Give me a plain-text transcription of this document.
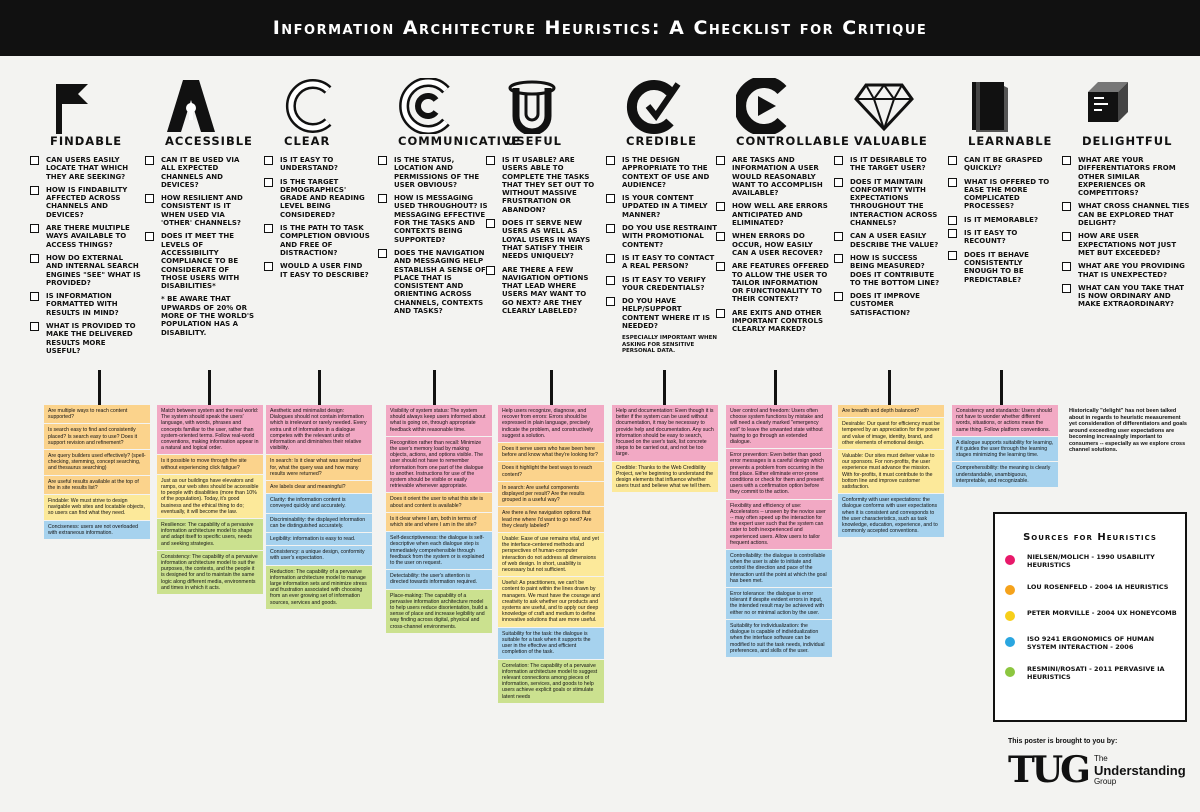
Information Architecture Heuristics: A Checklist for Critique
FINDABLE
CAN USERS EASILY LOCATE THAT WHICH THEY ARE SEEKING?
HOW IS FINDABILITY AFFECTED ACROSS CHANNELS AND DEVICES?
ARE THERE MULTIPLE WAYS AVAILABLE TO ACCESS THINGS?
HOW DO EXTERNAL AND INTERNAL SEARCH ENGINES "SEE" WHAT IS PROVIDED?
IS INFORMATION FORMATTED WITH RESULTS IN MIND?
WHAT IS PROVIDED TO MAKE THE DELIVERED RESULTS MORE USEFUL?
Are multiple ways to reach content supported?
Is search easy to find and consistently placed? Is search easy to use? Does it support revision and refinement?
Are query builders used effectively? (spell-checking, stemming, concept searching, and thesaurus searching)
Are useful results available at the top of the in site results list?
Findable: We must strive to design navigable web sites and locatable objects, so users can find what they need.
Conciseness: users are not overloaded with extraneous information.
ACCESSIBLE
CAN IT BE USED VIA ALL EXPECTED CHANNELS AND DEVICES?
HOW RESILIENT AND CONSISTENT IS IT WHEN USED VIA 'OTHER' CHANNELS?
DOES IT MEET THE LEVELS OF ACCESSIBILITY COMPLIANCE TO BE CONSIDERATE OF THOSE USERS WITH DISABILITIES*
* BE AWARE THAT UPWARDS OF 20% OR MORE OF THE WORLD'S POPULATION HAS A DISABILITY.
Match between system and the real world: The system should speak the users' language, with words, phrases and concepts familiar to the user, rather than system-oriented terms. Follow real-world conventions, making information appear in a natural and logical order.
Is it possible to move through the site without experiencing click fatigue?
Just as our buildings have elevators and ramps, our web sites should be accessible to people with disabilities (more than 10% of the population). Today, it's good business and the ethical thing to do; eventually, it will become the law.
Resilience: The capability of a pervasive information architecture model to shape and adapt itself to specific users, needs and seeking strategies.
Consistency: The capability of a pervasive information architecture model to suit the purposes, the contexts, and the people it is designed for and to maintain the same logic along different media, environments and times in which it acts.
CLEAR
IS IT EASY TO UNDERSTAND?
IS THE TARGET DEMOGRAPHICS' GRADE AND READING LEVEL BEING CONSIDERED?
IS THE PATH TO TASK COMPLETION OBVIOUS AND FREE OF DISTRACTION?
WOULD A USER FIND IT EASY TO DESCRIBE?
Aesthetic and minimalist design: Dialogues should not contain information which is irrelevant or rarely needed. Every extra unit of information in a dialogue competes with the relevant units of information and diminishes their relative visibility.
In search: Is it clear what was searched for, what the query was and how many results were returned?
Are labels clear and meaningful?
Clarity: the information content is conveyed quickly and accurately.
Discriminability: the displayed information can be distinguished accurately.
Legibility: information is easy to read.
Consistency: a unique design, conformity with user's expectation.
Reduction: The capability of a pervasive information architecture model to manage large information sets and minimize stress and frustration associated with choosing from an ever growing set of information sources, services and goods.
COMMUNICATIVE
IS THE STATUS, LOCATION AND PERMISSIONS OF THE USER OBVIOUS?
HOW IS MESSAGING USED THROUGHOUT? IS MESSAGING EFFECTIVE FOR THE TASKS AND CONTEXTS BEING SUPPORTED?
DOES THE NAVIGATION AND MESSAGING HELP ESTABLISH A SENSE OF PLACE THAT IS CONSISTENT AND ORIENTING ACROSS CHANNELS, CONTEXTS AND TASKS?
Visibility of system status: The system should always keep users informed about what is going on, through appropriate feedback within reasonable time.
Recognition rather than recall: Minimize the user's memory load by making objects, actions, and options visible. The user should not have to remember information from one part of the dialogue to another. Instructions for use of the system should be visible or easily retrievable whenever appropriate.
Does it orient the user to what this site is about and content is available?
Is it clear where I am, both in terms of which site and where I am in the site?
Self-descriptiveness: the dialogue is self-descriptive when each dialogue step is immediately comprehensible through feedback from the system or is explained to the user on request.
Detectability: the user's attention is directed towards information required.
Place-making: The capability of a pervasive information architecture model to help users reduce disorientation, build a sense of place and increase legibility and way finding across digital, physical and cross-channel environments.
USEFUL
IS IT USABLE? ARE USERS ABLE TO COMPLETE THE TASKS THAT THEY SET OUT TO WITHOUT MASSIVE FRUSTRATION OR ABANDON?
DOES IT SERVE NEW USERS AS WELL AS LOYAL USERS IN WAYS THAT SATISFY THEIR NEEDS UNIQUELY?
ARE THERE A FEW NAVIGATION OPTIONS THAT LEAD WHERE USERS MAY WANT TO GO NEXT? ARE THEY CLEARLY LABELED?
Help users recognize, diagnose, and recover from errors: Errors should be expressed in plain language, precisely indicate the problem, and constructively suggest a solution.
Does it serve users who have been here before and know what they're looking for?
Does it highlight the best ways to reach content?
In search: Are useful components displayed per result? Are the results grouped in a useful way?
Are there a few navigation options that lead me where I'd want to go next? Are they clearly labeled?
Usable: Ease of use remains vital, and yet the interface-centered methods and perspectives of human-computer interaction do not address all dimensions of web design. In short, usability is necessary but not sufficient.
Useful: As practitioners, we can't be content to paint within the lines drawn by managers. We must have the courage and creativity to ask whether our products and systems are useful, and to apply our deep knowledge of craft and medium to define innovative solutions that are more useful.
Suitability for the task: the dialogue is suitable for a task when it supports the user in the effective and efficient completion of the task.
Correlation: The capability of a pervasive information architecture model to suggest relevant connections among pieces of information, services, and goods to help users achieve explicit goals or stimulate latent needs
CREDIBLE
IS THE DESIGN APPROPRIATE TO THE CONTEXT OF USE AND AUDIENCE?
IS YOUR CONTENT UPDATED IN A TIMELY MANNER?
DO YOU USE RESTRAINT WITH PROMOTIONAL CONTENT?
IS IT EASY TO CONTACT A REAL PERSON?
IS IT EASY TO VERIFY YOUR CREDENTIALS?
DO YOU HAVE HELP/SUPPORT CONTENT WHERE IT IS NEEDED?
ESPECIALLY IMPORTANT WHEN ASKING FOR SENSITIVE PERSONAL DATA.
Help and documentation: Even though it is better if the system can be used without documentation, it may be necessary to provide help and documentation. Any such information should be easy to search, focused on the user's task, list concrete steps to be carried out, and not be too large.
Credible: Thanks to the Web Credibility Project, we're beginning to understand the design elements that influence whether users trust and believe what we tell them.
CONTROLLABLE
ARE TASKS AND INFORMATION A USER WOULD REASONABLY WANT TO ACCOMPLISH AVAILABLE?
HOW WELL ARE ERRORS ANTICIPATED AND ELIMINATED?
WHEN ERRORS DO OCCUR, HOW EASILY CAN A USER RECOVER?
ARE FEATURES OFFERED TO ALLOW THE USER TO TAILOR INFORMATION OR FUNCTIONALITY TO THEIR CONTEXT?
ARE EXITS AND OTHER IMPORTANT CONTROLS CLEARLY MARKED?
User control and freedom: Users often choose system functions by mistake and will need a clearly marked "emergency exit" to leave the unwanted state without having to go through an extended dialogue.
Error prevention: Even better than good error messages is a careful design which prevents a problem from occurring in the first place. Either eliminate error-prone conditions or check for them and present users with a confirmation option before they commit to the action.
Flexibility and efficiency of use: Accelerators -- unseen by the novice user -- may often speed up the interaction for the expert user such that the system can cater to both inexperienced and experienced users. Allow users to tailor frequent actions.
Controllability: the dialogue is controllable when the user is able to initiate and control the direction and pace of the interaction until the point at which the goal has been met.
Error tolerance: the dialogue is error tolerant if despite evident errors in input, the intended result may be achieved with either no or minimal action by the user.
Suitability for individualization: the dialogue is capable of individualization when the interface software can be modified to suit the task needs, individual preferences, and skills of the user.
VALUABLE
IS IT DESIRABLE TO THE TARGET USER?
DOES IT MAINTAIN CONFORMITY WITH EXPECTATIONS THROUGHOUT THE INTERACTION ACROSS CHANNELS?
CAN A USER EASILY DESCRIBE THE VALUE?
HOW IS SUCCESS BEING MEASURED? DOES IT CONTRIBUTE TO THE BOTTOM LINE?
DOES IT IMPROVE CUSTOMER SATISFACTION?
Are breadth and depth balanced?
Desirable: Our quest for efficiency must be tempered by an appreciation for the power and value of image, identity, brand, and other elements of emotional design.
Valuable: Our sites must deliver value to our sponsors. For non-profits, the user experience must advance the mission. With for-profits, it must contribute to the bottom line and improve customer satisfaction.
Conformity with user expectations: the dialogue conforms with user expectations when it is consistent and corresponds to the user characteristics, such as task knowledge, education, experience, and to commonly accepted conventions.
LEARNABLE
CAN IT BE GRASPED QUICKLY?
WHAT IS OFFERED TO EASE THE MORE COMPLICATED PROCESSES?
IS IT MEMORABLE?
IS IT EASY TO RECOUNT?
DOES IT BEHAVE CONSISTENTLY ENOUGH TO BE PREDICTABLE?
Consistency and standards: Users should not have to wonder whether different words, situations, or actions mean the same thing. Follow platform conventions.
A dialogue supports suitability for learning, if it guides the user through the learning stages minimizing the learning time.
Comprehensibility: the meaning is clearly understandable, unambiguous, interpretable, and recognizable.
DELIGHTFUL
WHAT ARE YOUR DIFFERENTIATORS FROM OTHER SIMILAR EXPERIENCES OR COMPETITORS?
WHAT CROSS CHANNEL TIES CAN BE EXPLORED THAT DELIGHT?
HOW ARE USER EXPECTATIONS NOT JUST MET BUT EXCEEDED?
WHAT ARE YOU PROVIDING THAT IS UNEXPECTED?
WHAT CAN YOU TAKE THAT IS NOW ORDINARY AND MAKE EXTRAORDINARY?
Historically "delight" has not been talked about in regards to heuristic measurement yet consideration of differentiators and goals around exceeding user expectations are becoming increasingly important to consumers -- especially as we explore cross channel solutions.
Sources for Heuristics
NIELSEN/MOLICH - 1990 USABILITY HEURISTICS
LOU ROSENFELD - 2004 IA HEURISTICS
PETER MORVILLE - 2004 UX HONEYCOMB
ISO 9241 ERGONOMICS OF HUMAN SYSTEM INTERACTION - 2006
RESMINI/ROSATI - 2011 PERVASIVE IA HEURISTICS
This poster is brought to you by:
TUG The
Understanding
Group
